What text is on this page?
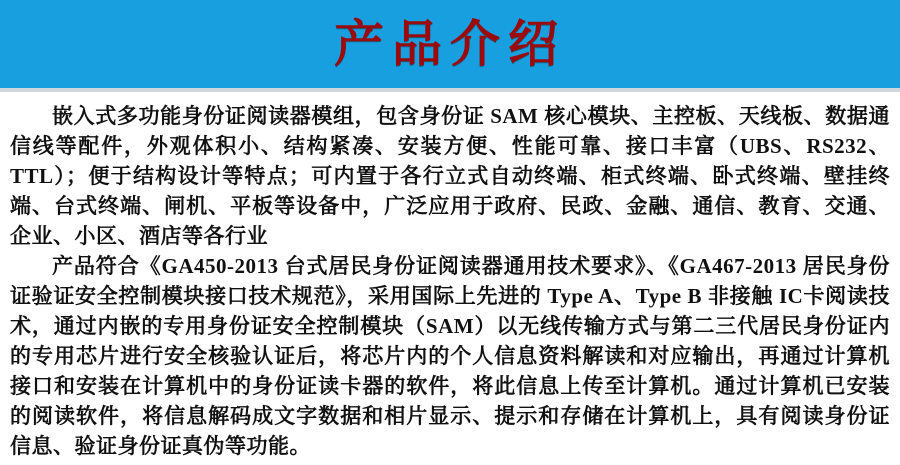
产品介绍

嵌入式多功能身份证阅读器模组，包含身份证 SAM 核心模块、主控板、天线板、数据通信线等配件，外观体积小、结构紧凑、安装方便、性能可靠、接口丰富（UBS、RS232、TTL）；便于结构设计等特点；可内置于各行立式自动终端、柜式终端、卧式终端、壁挂终端、台式终端、闸机、平板等设备中，广泛应用于政府、民政、金融、通信、教育、交通、企业、小区、酒店等各行业

产品符合《GA450-2013 台式居民身份证阅读器通用技术要求》、《GA467-2013 居民身份证验证安全控制模块接口技术规范》，采用国际上先进的 Type A、Type B 非接触 IC卡阅读技术，通过内嵌的专用身份证安全控制模块（SAM）以无线传输方式与第二三代居民身份证内的专用芯片进行安全核验认证后，将芯片内的个人信息资料解读和对应输出，再通过计算机接口和安装在计算机中的身份证读卡器的软件，将此信息上传至计算机。通过计算机已安装的阅读软件，将信息解码成文字数据和相片显示、提示和存储在计算机上，具有阅读身份证信息、验证身份证真伪等功能。
